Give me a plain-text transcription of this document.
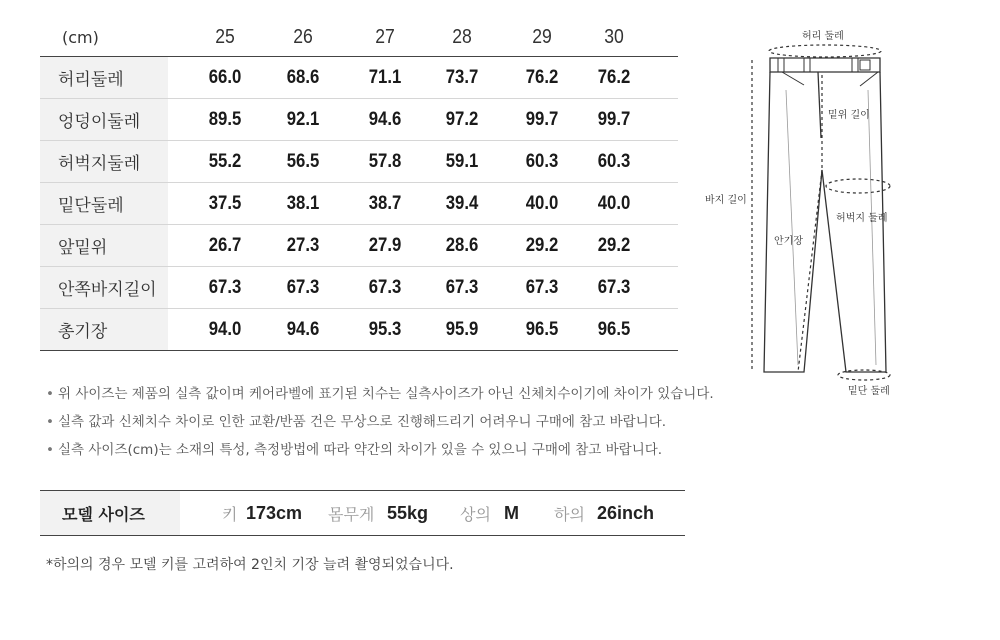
(cm)	25	26	27	28	29	30
허리둘레	66.0	68.6	71.1	73.7	76.2	76.2
엉덩이둘레	89.5	92.1	94.6	97.2	99.7	99.7
허벅지둘레	55.2	56.5	57.8	59.1	60.3	60.3
밑단둘레	37.5	38.1	38.7	39.4	40.0	40.0
앞밑위	26.7	27.3	27.9	28.6	29.2	29.2
안쪽바지길이	67.3	67.3	67.3	67.3	67.3	67.3
총기장	94.0	94.6	95.3	95.9	96.5	96.5
허리 둘레
밑위 길이
바지 길이
허벅지 둘레
안기장
밑단 둘레
• 위 사이즈는 제품의 실측 값이며 케어라벨에 표기된 치수는 실측사이즈가 아닌 신체치수이기에 차이가 있습니다.
• 실측 값과 신체치수 차이로 인한 교환/반품 건은 무상으로 진행해드리기 어려우니 구매에 참고 바랍니다.
• 실측 사이즈(cm)는 소재의 특성, 측정방법에 따라 약간의 차이가 있을 수 있으니 구매에 참고 바랍니다.
모델 사이즈	키 173cm 몸무게 55kg 상의 M 하의 26inch
*하의의 경우 모델 키를 고려하여 2인치 기장 늘려 촬영되었습니다.
